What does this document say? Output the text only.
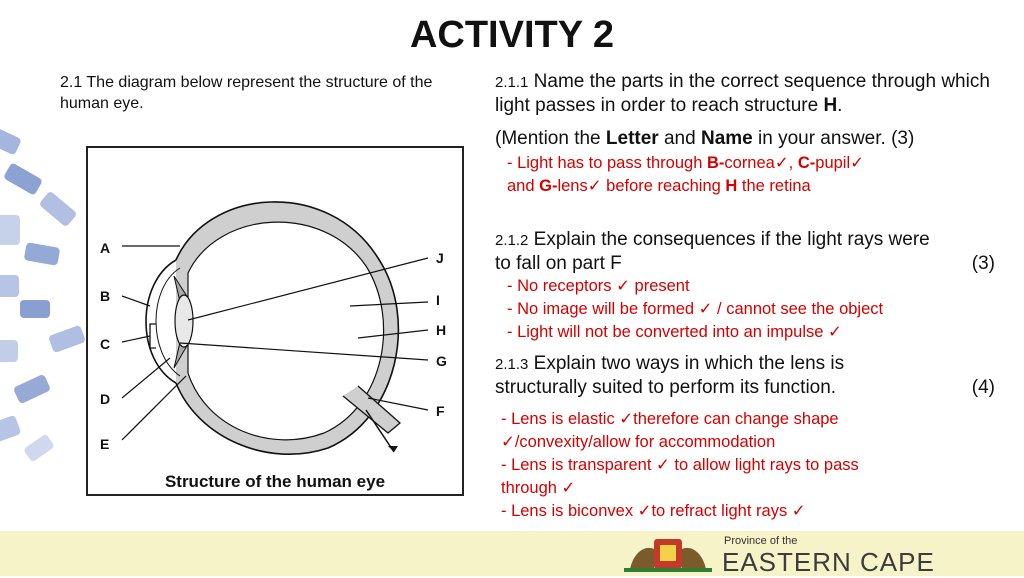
ACTIVITY 2
2.1 The diagram below represent the structure of the human eye.
A
B
C
D
E
J
I
H
G
F
Structure of the human eye
2.1.1 Name the parts in the correct sequence through which light passes in order to reach structure H.
(Mention the Letter and Name in your answer. (3)
- Light has to pass through B-cornea✓, C-pupil✓
and G-lens✓ before reaching H the retina
2.1.2 Explain the consequences if the light rays were
to fall on part F	(3)
- No receptors ✓ present
- No image will be formed ✓ / cannot see the object
- Light will not be converted into an impulse ✓
2.1.3 Explain two ways in which the lens is
structurally suited to perform its function.	(4)
- Lens is elastic ✓therefore can change shape
✓/convexity/allow for accommodation
- Lens is transparent ✓ to allow light rays to pass
through ✓
- Lens is biconvex ✓to refract light rays ✓
Province of the
EASTERN CAPE
